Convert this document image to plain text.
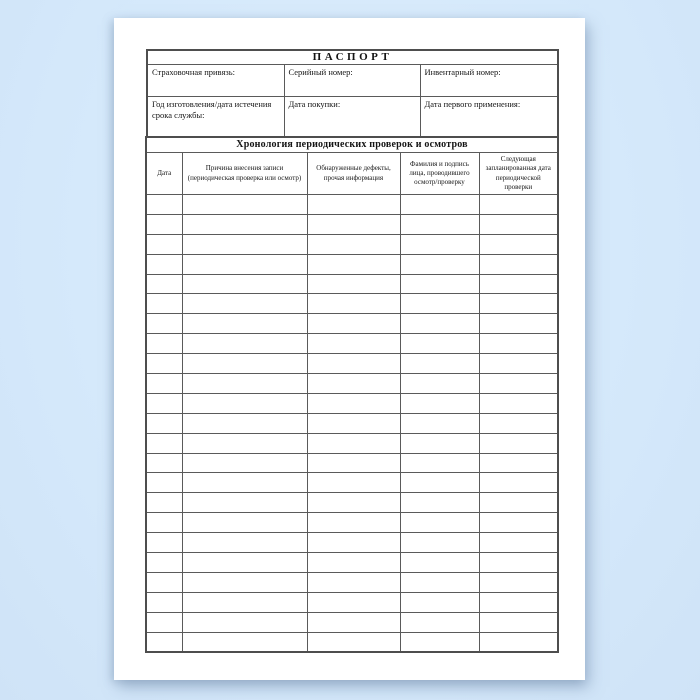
ПАСПОРТ		
Страховочная привязь:	Серийный номер:	Инвентарный номер:
Год изготовления/дата истечения срока службы:	Дата покупки:	Дата первого применения:
Хронология периодических проверок и осмотров				
Дата	Причина внесения записи (периодическая проверка или осмотр)	Обнаруженные дефекты, прочая информация	Фамилия и подпись лица, проводившего осмотр/проверку	Следующая запланированная дата периодической проверки
